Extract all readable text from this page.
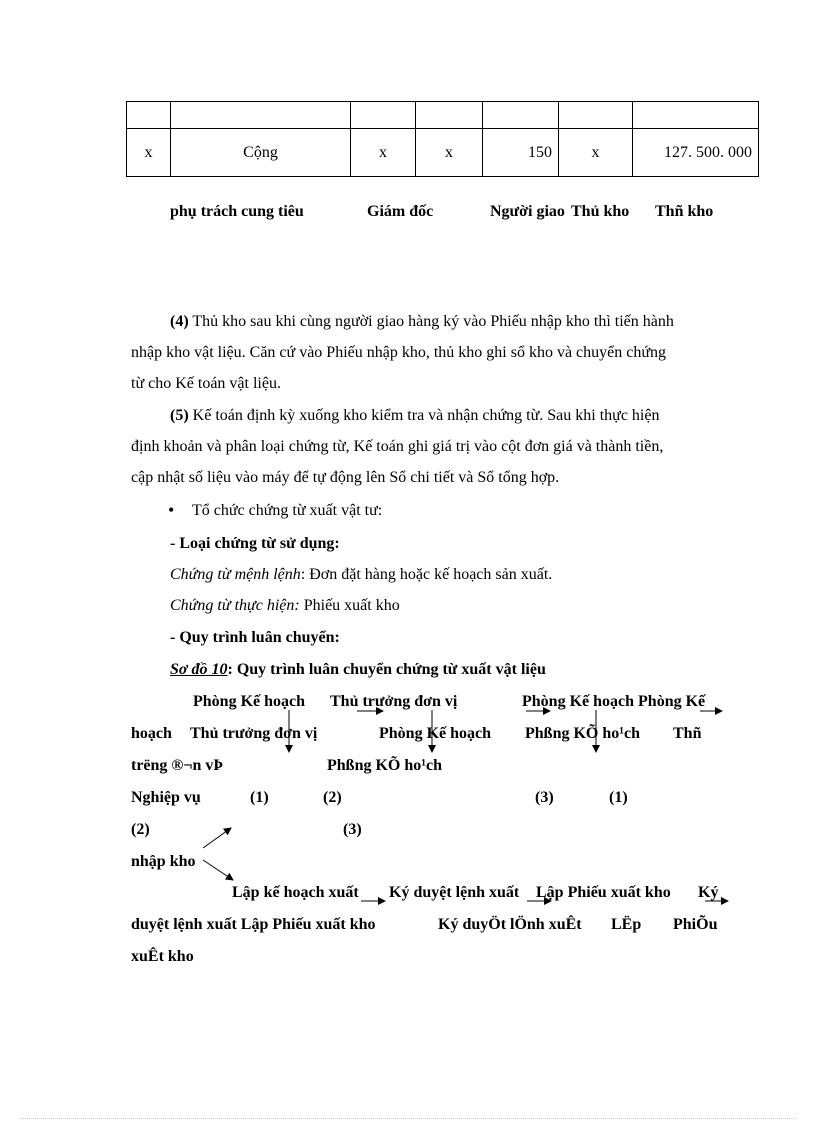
x	Cộng	x	x	150	x	127. 500. 000
phụ trách cung tiêu	Giám đốc	Người giao Thủ kho Thñ kho

(4) Thủ kho sau khi cùng người giao hàng ký vào Phiếu nhập kho thì tiến hành

nhập kho vật liệu. Căn cứ vào Phiếu nhập kho, thủ kho ghi sổ kho và chuyển chứng

từ cho Kế toán vật liệu.

(5) Kế toán định kỳ xuống kho kiểm tra và nhận chứng từ. Sau khi thực hiện

định khoản và phân loại chứng từ, Kế toán ghi giá trị vào cột đơn giá và thành tiền,

cập nhật số liệu vào máy để tự động lên Sổ chi tiết và Sổ tổng hợp.

• Tổ chức chứng từ xuất vật tư:
- Loại chứng từ sử dụng:
Chứng từ mệnh lệnh: Đơn đặt hàng hoặc kế hoạch sản xuất.
Chứng từ thực hiện: Phiếu xuất kho
- Quy trình luân chuyển:
Sơ đồ 10: Quy trình luân chuyển chứng từ xuất vật liệu
Phòng Kế hoạch Thủ trưởng đơn vị	Phòng Kế hoạch Phòng Kế
hoạch Thủ trưởng đơn vị	Phòng Kế hoạch Phßng KÕ ho¹ch Thñ
trëng ®¬n vÞ	Phßng KÕ ho¹ch
Nghiệp vụ	(1)	(2)	(3)	(1)
(2)	(3)
nhập kho
Lập kế hoạch xuất Ký duyệt lệnh xuất Lập Phiếu xuất kho Ký
duyệt lệnh xuất Lập Phiếu xuất kho	Ký duyÖt lÖnh xuÊt LËp PhiÕu
xuÊt kho
